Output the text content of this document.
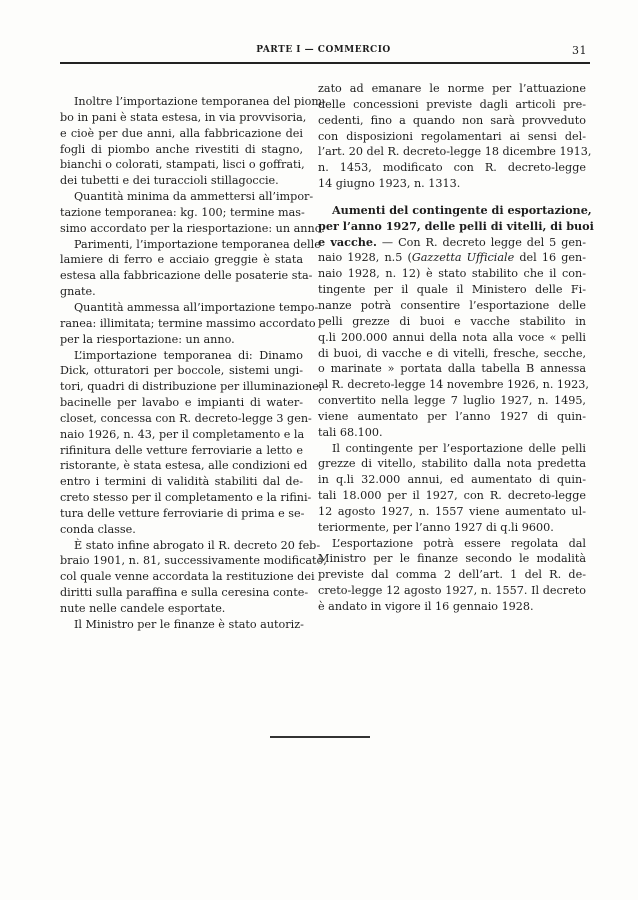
PARTE I — COMMERCIO	31
Inoltre l’importazione temporanea del piom-
bo in pani è stata estesa, in via provvisoria,
e cioè per due anni, alla fabbricazione dei
fogli di piombo anche rivestiti di stagno,
bianchi o colorati, stampati, lisci o goffrati,
dei tubetti e dei turaccioli stillagoccie.
Quantità minima da ammettersi all’impor-
tazione temporanea: kg. 100; termine mas-
simo accordato per la riesportazione: un anno.
Parimenti, l’importazione temporanea delle
lamiere di ferro e acciaio greggie è stata
estesa alla fabbricazione delle posaterie sta-
gnate.
Quantità ammessa all’importazione tempo-
ranea: illimitata; termine massimo accordato
per la riesportazione: un anno.
L’importazione temporanea di: Dinamo
Dick, otturatori per boccole, sistemi ungi-
tori, quadri di distribuzione per illuminazione,
bacinelle per lavabo e impianti di water-
closet, concessa con R. decreto-legge 3 gen-
naio 1926, n. 43, per il completamento e la
rifinitura delle vetture ferroviarie a letto e
ristorante, è stata estesa, alle condizioni ed
entro i termini di validità stabiliti dal de-
creto stesso per il completamento e la rifini-
tura delle vetture ferroviarie di prima e se-
conda classe.
È stato infine abrogato il R. decreto 20 feb-
braio 1901, n. 81, successivamente modificato,
col quale venne accordata la restituzione dei
diritti sulla paraffina e sulla ceresina conte-
nute nelle candele esportate.
Il Ministro per le finanze è stato autoriz-
zato ad emanare le norme per l’attuazione
delle concessioni previste dagli articoli pre-
cedenti, fino a quando non sarà provveduto
con disposizioni regolamentari ai sensi del-
l’art. 20 del R. decreto-legge 18 dicembre 1913,
n. 1453, modificato con R. decreto-legge
14 giugno 1923, n. 1313.
Aumenti del contingente di esportazione,
per l’anno 1927, delle pelli di vitelli, di buoi
e vacche. — Con R. decreto legge del 5 gen-
naio 1928, n.5 (Gazzetta Ufficiale del 16 gen-
naio 1928, n. 12) è stato stabilito che il con-
tingente per il quale il Ministero delle Fi-
nanze potrà consentire l’esportazione delle
pelli grezze di buoi e vacche stabilito in
q.li 200.000 annui della nota alla voce « pelli
di buoi, di vacche e di vitelli, fresche, secche,
o marinate » portata dalla tabella B annessa
al R. decreto-legge 14 novembre 1926, n. 1923,
convertito nella legge 7 luglio 1927, n. 1495,
viene aumentato per l’anno 1927 di quin-
tali 68.100.
Il contingente per l’esportazione delle pelli
grezze di vitello, stabilito dalla nota predetta
in q.li 32.000 annui, ed aumentato di quin-
tali 18.000 per il 1927, con R. decreto-legge
12 agosto 1927, n. 1557 viene aumentato ul-
teriormente, per l’anno 1927 di q.li 9600.
L’esportazione potrà essere regolata dal
Ministro per le finanze secondo le modalità
previste dal comma 2 dell’art. 1 del R. de-
creto-legge 12 agosto 1927, n. 1557. Il decreto
è andato in vigore il 16 gennaio 1928.
